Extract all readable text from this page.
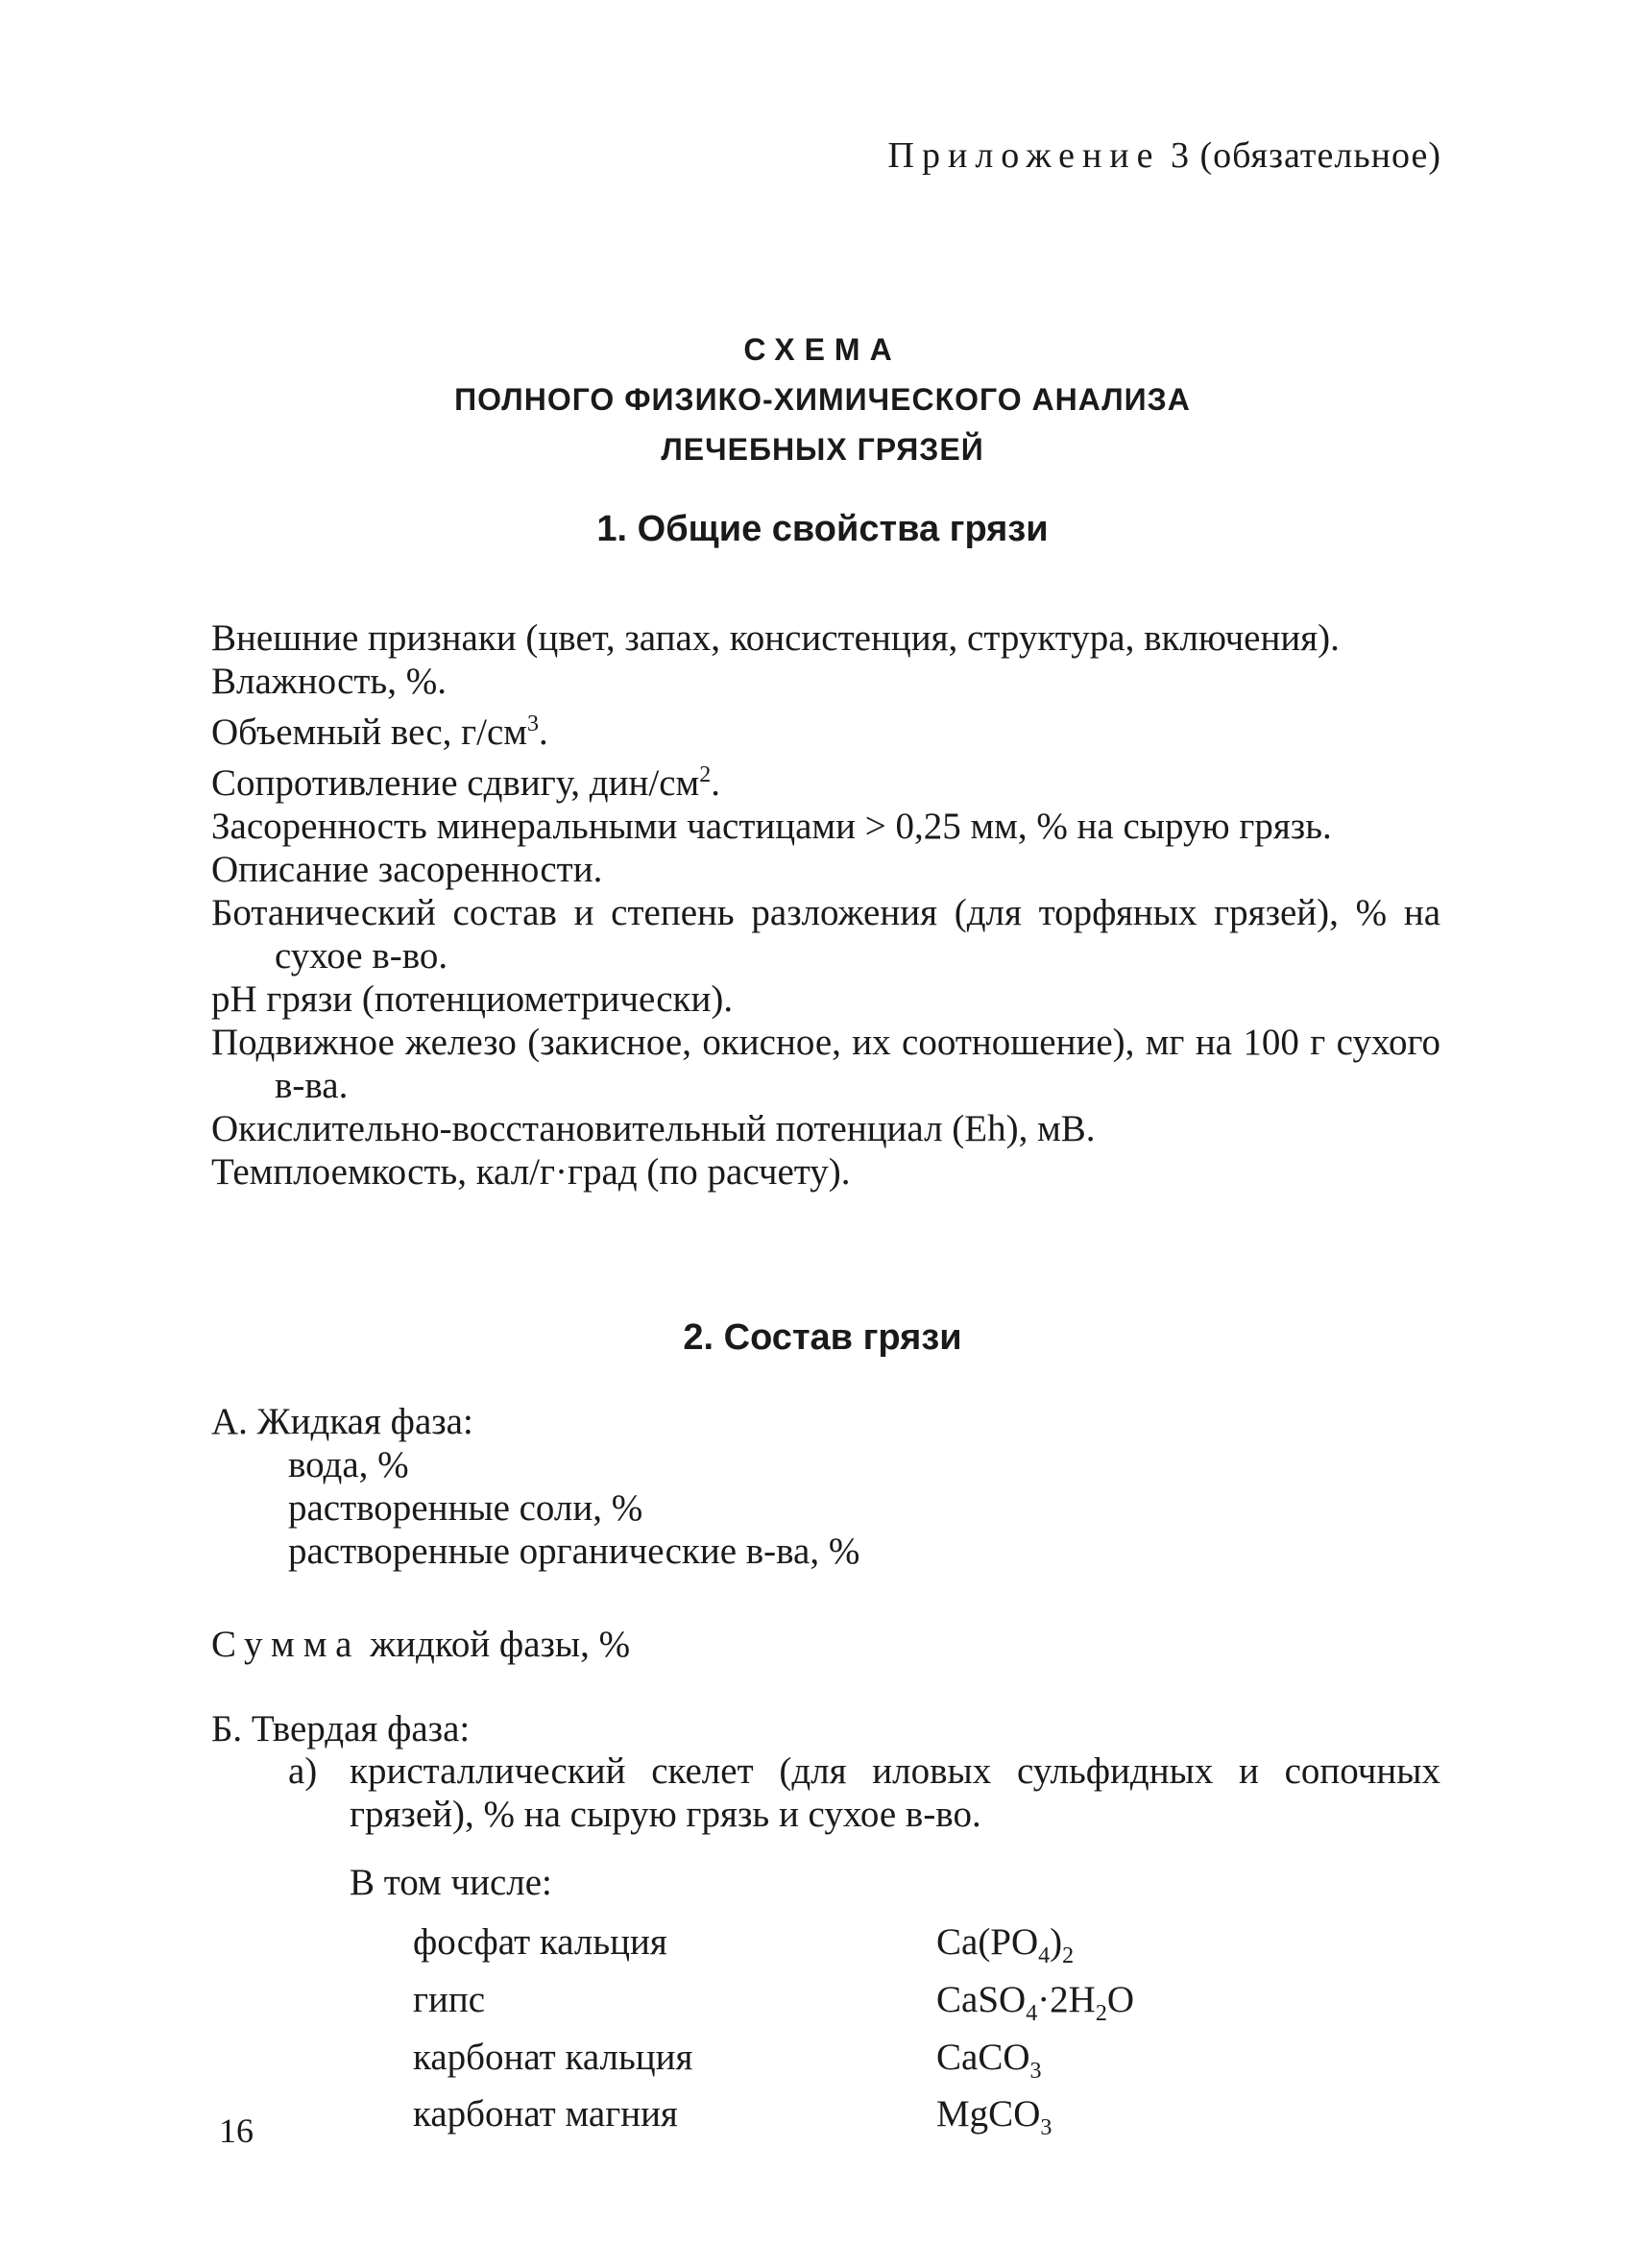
Приложение 3 (обязательное)
СХЕМА
ПОЛНОГО ФИЗИКО-ХИМИЧЕСКОГО АНАЛИЗА
ЛЕЧЕБНЫХ ГРЯЗЕЙ
1. Общие свойства грязи
Внешние признаки (цвет, запах, консистенция, структура, включения).
Влажность, %.
Объемный вес, $г/см^3$.
Сопротивление сдвигу, дин/$см^2$.
Засоренность минеральными частицами > 0,25 мм, % на сырую грязь.
Описание засоренности.
Ботанический состав и степень разложения (для торфяных грязей), % на сухое в-во.
рН грязи (потенциометрически).
Подвижное железо (закисное, окисное, их соотношение), мг на 100 г сухого в-ва.
Окислительно-восстановительный потенциал (Eh), мВ.
Темплоемкость, кал/г·град (по расчету).
2. Состав грязи
А. Жидкая фаза:
вода, %
растворенные соли, %
растворенные органические в-ва, %
Сумма жидкой фазы, %
Б. Твердая фаза:
а) кристаллический скелет (для иловых сульфидных и сопочных грязей), % на сырую грязь и сухое в-во.
В том числе:
фосфат кальция	$Ca(PO_4)_2$
гипс	$CaSO_4\cdot 2H_2O$
карбонат кальция	CaCO$_3$
карбонат магния	MgCO$_3$
16
